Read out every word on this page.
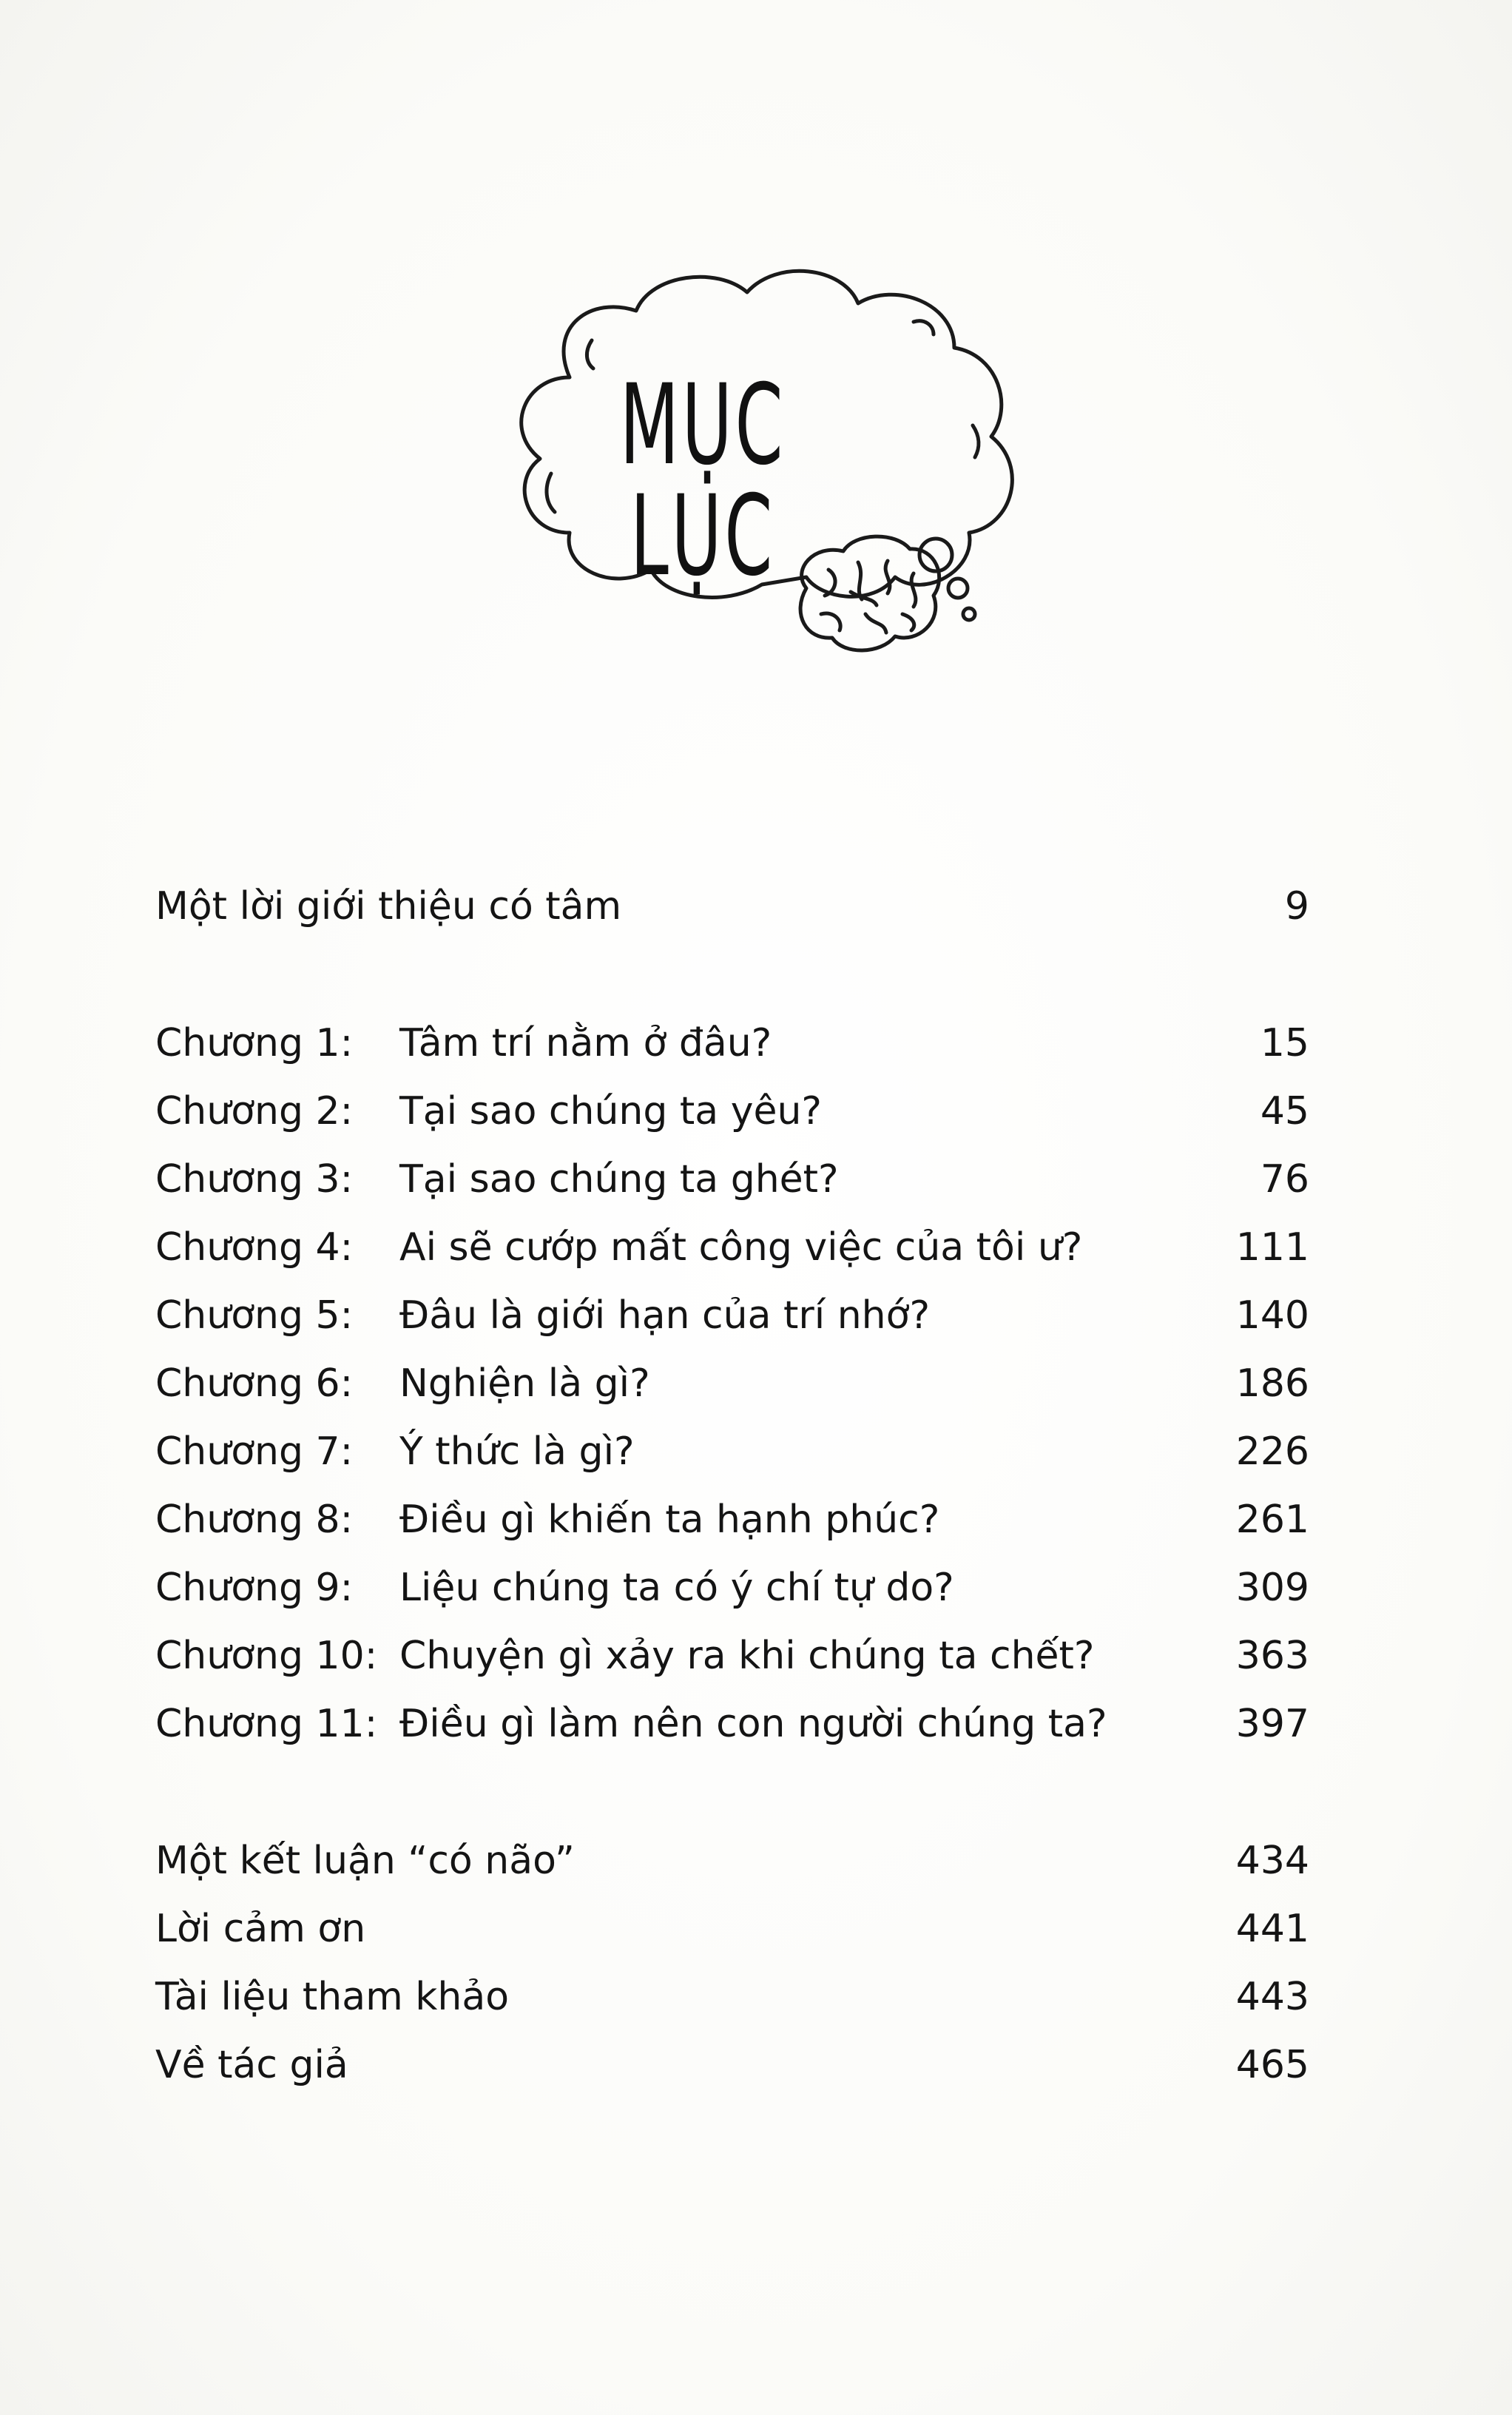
MỤC LỤC
Một lời giới thiệu có tâm	9
Chương 1: Tâm trí nằm ở đâu?	15
Chương 2: Tại sao chúng ta yêu?	45
Chương 3: Tại sao chúng ta ghét?	76
Chương 4: Ai sẽ cướp mất công việc của tôi ư?	111
Chương 5: Đâu là giới hạn của trí nhớ?	140
Chương 6: Nghiện là gì?	186
Chương 7: Ý thức là gì?	226
Chương 8: Điều gì khiến ta hạnh phúc?	261
Chương 9: Liệu chúng ta có ý chí tự do?	309
Chương 10: Chuyện gì xảy ra khi chúng ta chết?	363
Chương 11: Điều gì làm nên con người chúng ta?	397
Một kết luận “có não”	434
Lời cảm ơn	441
Tài liệu tham khảo	443
Về tác giả	465
